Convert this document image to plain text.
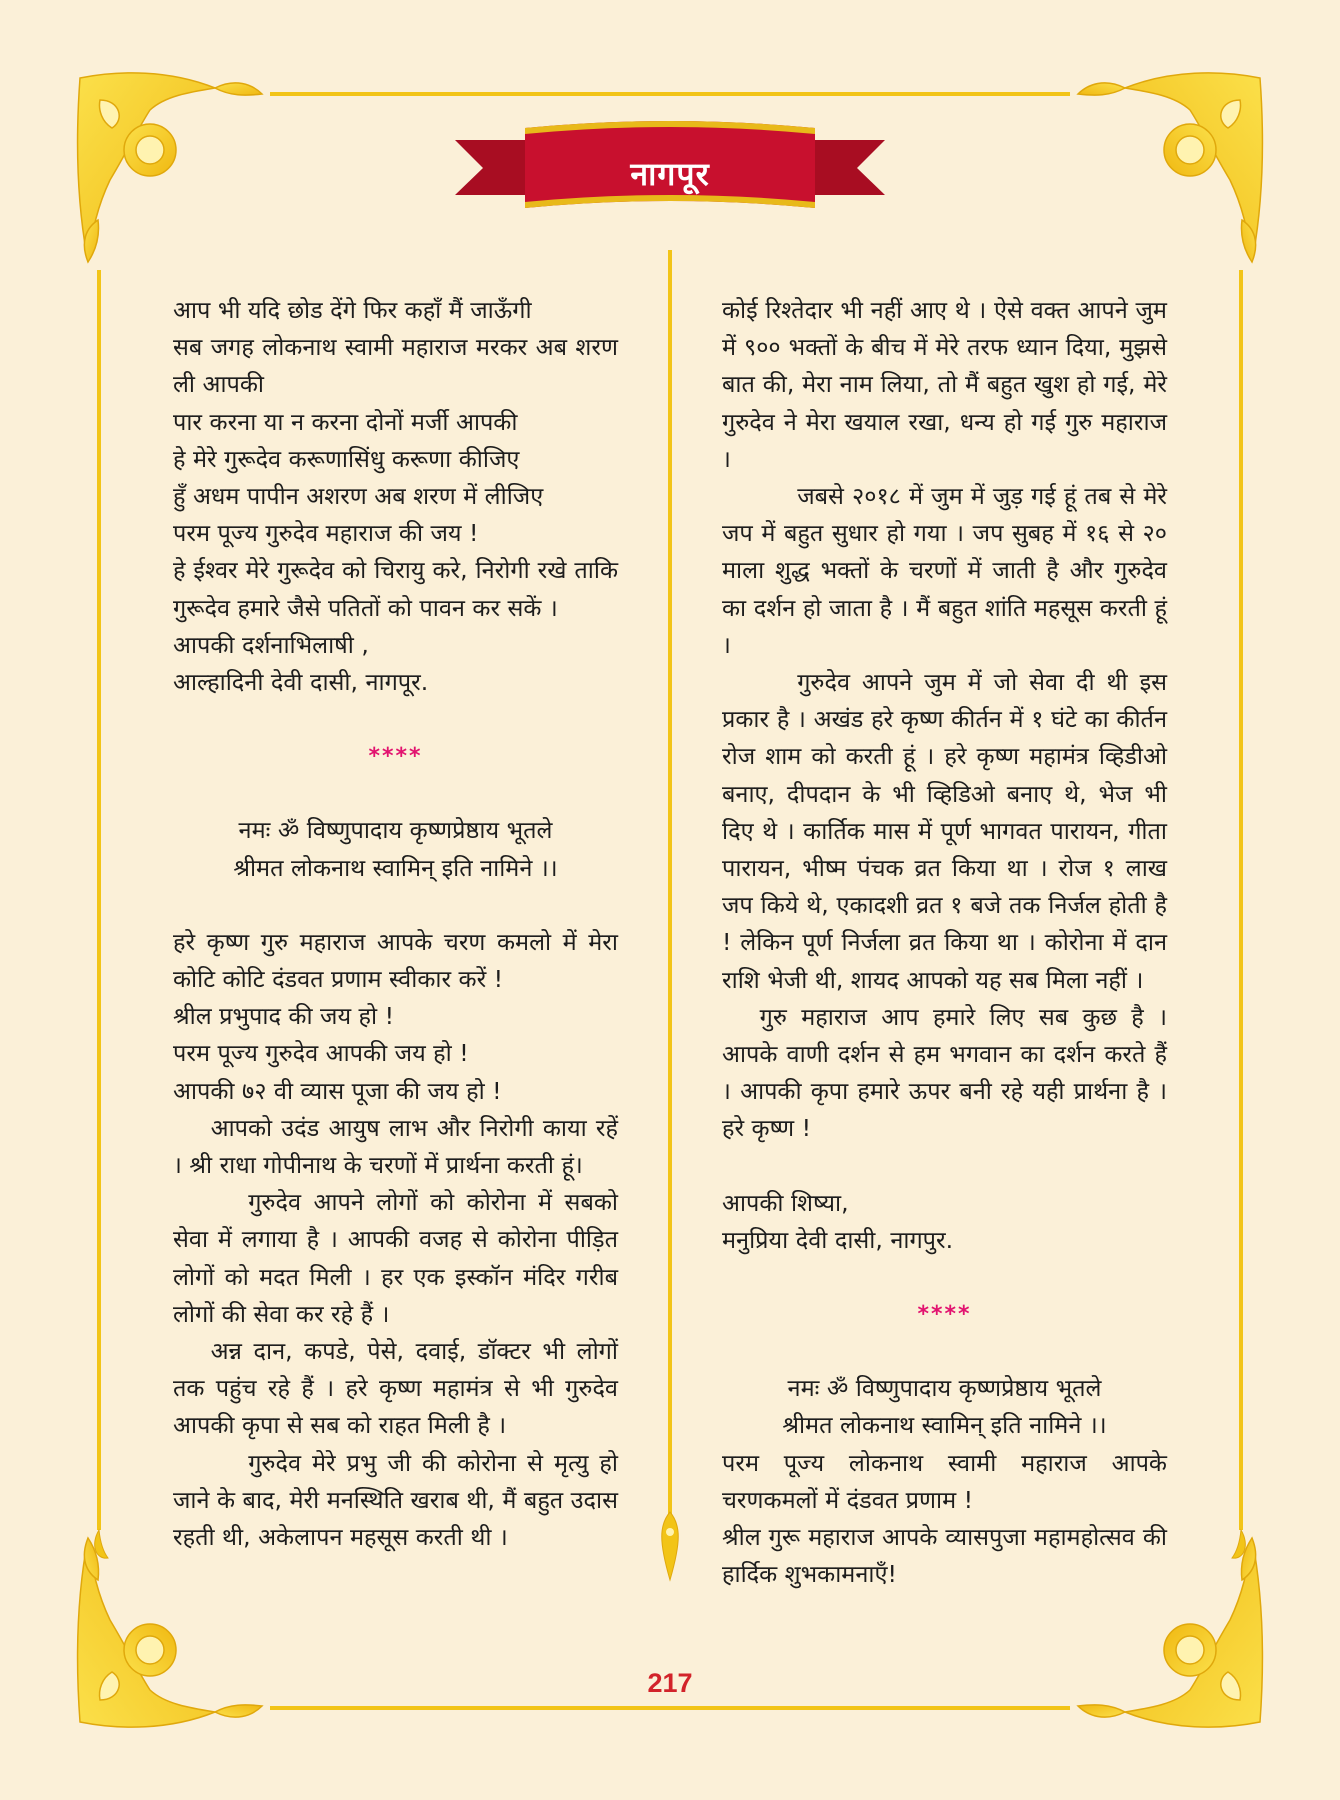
नागपूर

आप भी यदि छोड देंगे फिर कहाँ मैं जाऊँगी

सब जगह लोकनाथ स्वामी महाराज मरकर अब शरण ली आपकी

पार करना या न करना दोनों मर्जी आपकी

हे मेरे गुरूदेव करूणासिंधु करूणा कीजिए

हुँ अधम पापीन अशरण अब शरण में लीजिए

परम पूज्य गुरुदेव महाराज की जय !

हे ईश्वर मेरे गुरूदेव को चिरायु करे, निरोगी रखे ताकि गुरूदेव हमारे जैसे पतितों को पावन कर सकें ।

आपकी दर्शनाभिलाषी ,

आल्हादिनी देवी दासी, नागपूर.

****

नमः ॐ विष्णुपादाय कृष्णप्रेष्ठाय भूतले

श्रीमत लोकनाथ स्वामिन् इति नामिने ।।

हरे कृष्ण गुरु महाराज आपके चरण कमलो में मेरा कोटि कोटि दंडवत प्रणाम स्वीकार करें !

श्रील प्रभुपाद की जय हो !

परम पूज्य गुरुदेव आपकी जय हो !

आपकी ७२ वी व्यास पूजा की जय हो !

आपको उदंड आयुष लाभ और निरोगी काया रहें । श्री राधा गोपीनाथ के चरणों में प्रार्थना करती हूं।

गुरुदेव आपने लोगों को कोरोना में सबको सेवा में लगाया है । आपकी वजह से कोरोना पीड़ित लोगों को मदत मिली । हर एक इस्कॉन मंदिर गरीब लोगों की सेवा कर रहे हैं ।

अन्न दान, कपडे, पेसे, दवाई, डॉक्टर भी लोगों तक पहुंच रहे हैं । हरे कृष्ण महामंत्र से भी गुरुदेव आपकी कृपा से सब को राहत मिली है ।

गुरुदेव मेरे प्रभु जी की कोरोना से मृत्यु हो जाने के बाद, मेरी मनस्थिति खराब थी, मैं बहुत उदास रहती थी, अकेलापन महसूस करती थी ।

कोई रिश्तेदार भी नहीं आए थे । ऐसे वक्त आपने जुम में ९०० भक्तों के बीच में मेरे तरफ ध्यान दिया, मुझसे बात की, मेरा नाम लिया, तो मैं बहुत खुश हो गई, मेरे गुरुदेव ने मेरा खयाल रखा, धन्य हो गई गुरु महाराज ।

जबसे २०१८ में जुम में जुड़ गई हूं तब से मेरे जप में बहुत सुधार हो गया । जप सुबह में १६ से २० माला शुद्ध भक्तों के चरणों में जाती है और गुरुदेव का दर्शन हो जाता है । मैं बहुत शांति महसूस करती हूं ।

गुरुदेव आपने जुम में जो सेवा दी थी इस प्रकार है । अखंड हरे कृष्ण कीर्तन में १ घंटे का कीर्तन रोज शाम को करती हूं । हरे कृष्ण महामंत्र व्हिडीओ बनाए, दीपदान के भी व्हिडिओ बनाए थे, भेज भी दिए थे । कार्तिक मास में पूर्ण भागवत पारायन, गीता पारायन, भीष्म पंचक व्रत किया था । रोज १ लाख जप किये थे, एकादशी व्रत १ बजे तक निर्जल होती है ! लेकिन पूर्ण निर्जला व्रत किया था । कोरोना में दान राशि भेजी थी, शायद आपको यह सब मिला नहीं ।

गुरु महाराज आप हमारे लिए सब कुछ है । आपके वाणी दर्शन से हम भगवान का दर्शन करते हैं । आपकी कृपा हमारे ऊपर बनी रहे यही प्रार्थना है । हरे कृष्ण !

आपकी शिष्या,

मनुप्रिया देवी दासी, नागपुर.

****

नमः ॐ विष्णुपादाय कृष्णप्रेष्ठाय भूतले

श्रीमत लोकनाथ स्वामिन् इति नामिने ।।

परम पूज्य लोकनाथ स्वामी महाराज आपके चरणकमलों में दंडवत प्रणाम !

श्रील गुरू महाराज आपके व्यासपुजा महामहोत्सव की हार्दिक शुभकामनाएँ!

217
